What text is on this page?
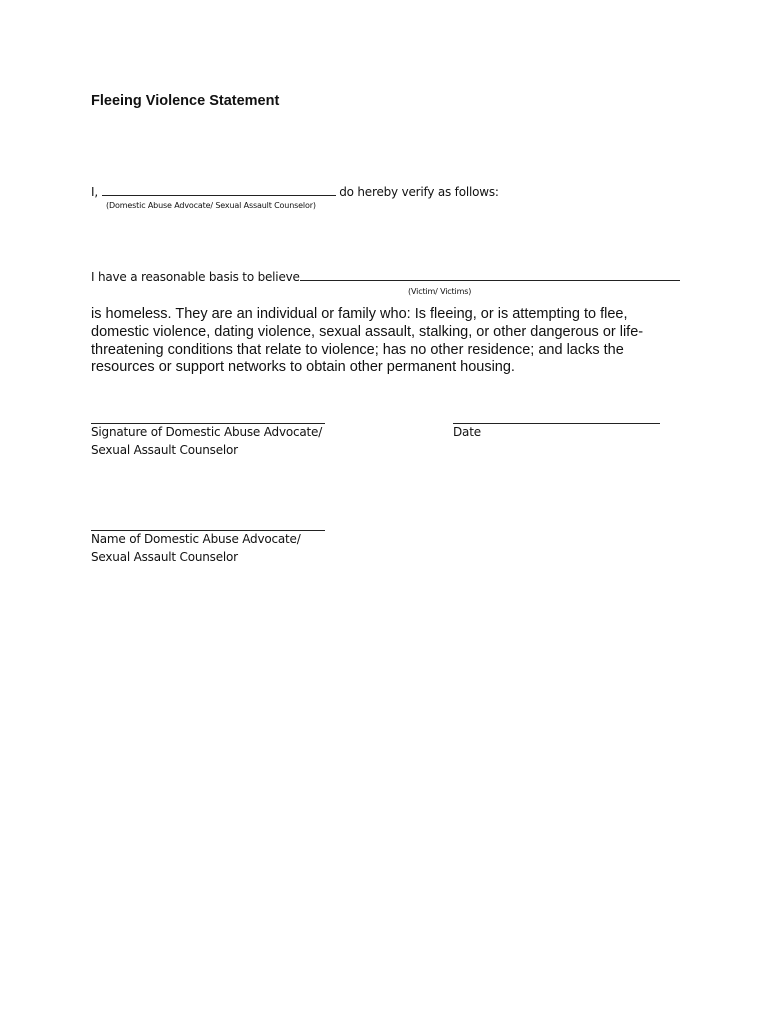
Fleeing Violence Statement
I,	do hereby verify as follows:
(Domestic Abuse Advocate/ Sexual Assault Counselor)
I have a reasonable basis to believe
(Victim/ Victims)
is homeless. They are an individual or family who: Is fleeing, or is attempting to flee, domestic violence, dating violence, sexual assault, stalking, or other dangerous or life-threatening conditions that relate to violence; has no other residence; and lacks the resources or support networks to obtain other permanent housing.
Signature of Domestic Abuse Advocate/
Sexual Assault Counselor
Date
Name of Domestic Abuse Advocate/
Sexual Assault Counselor
